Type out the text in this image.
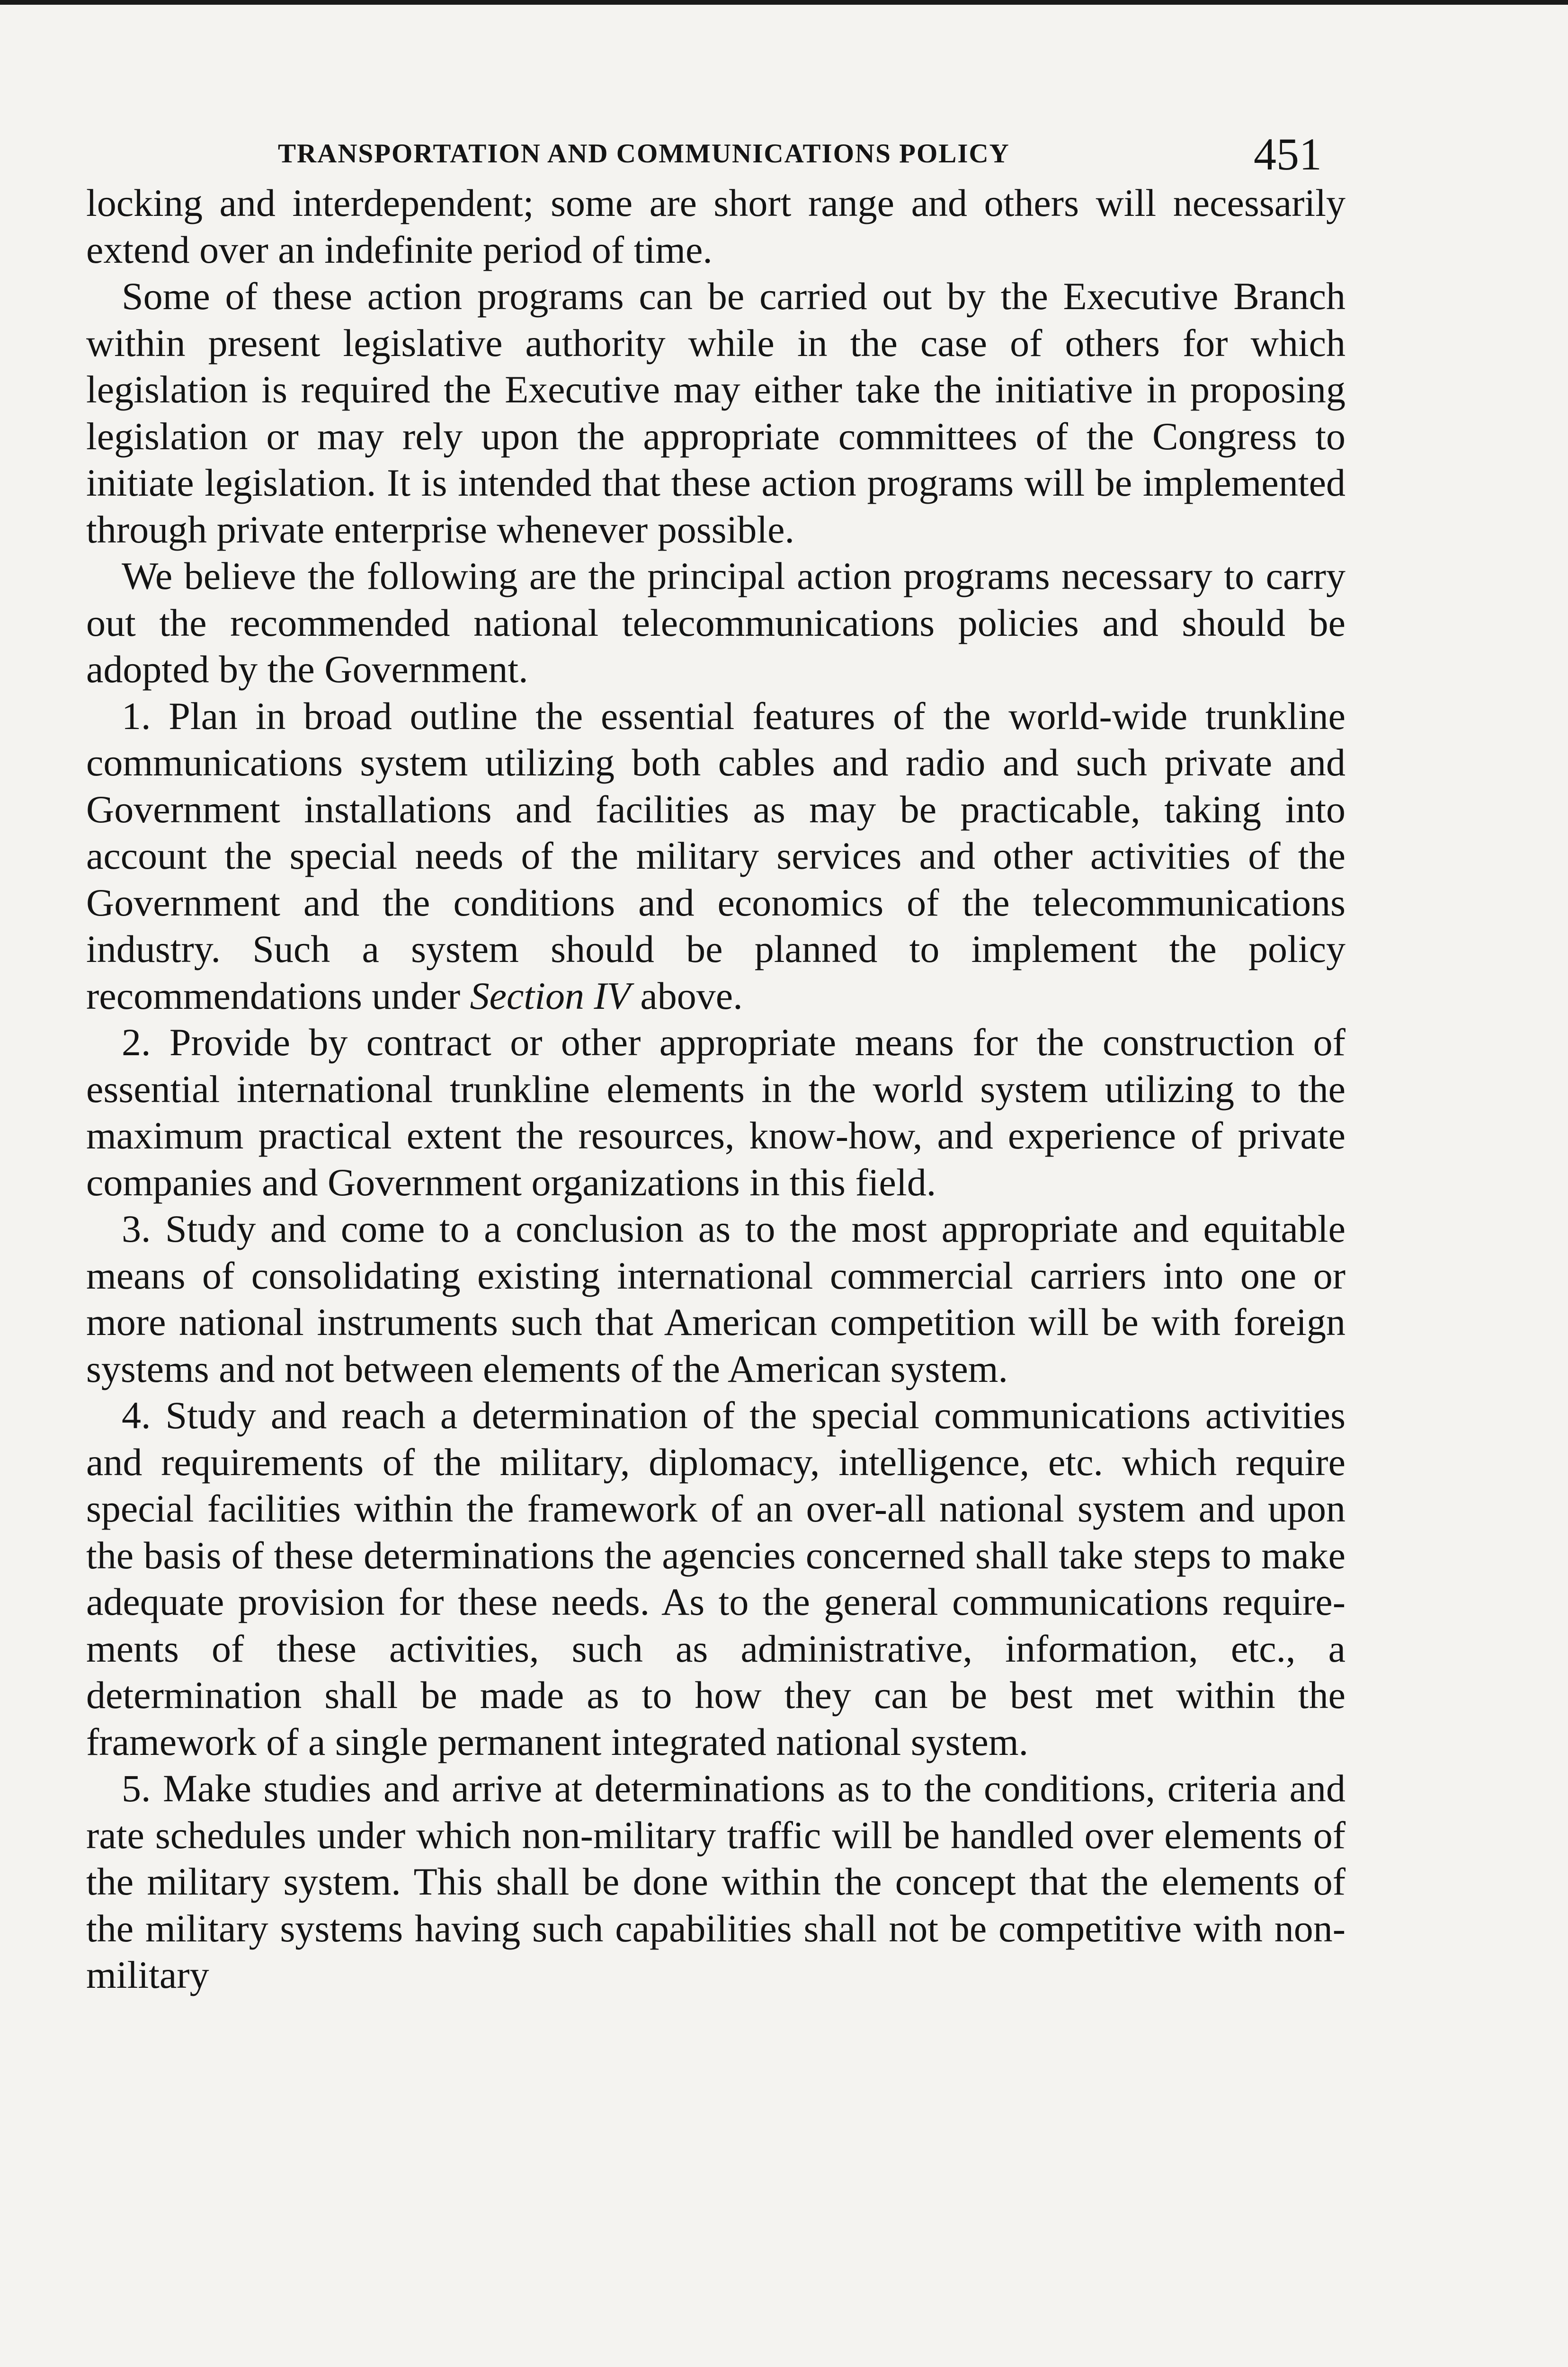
TRANSPORTATION AND COMMUNICATIONS POLICY	451

locking and interdependent; some are short range and others will necessarily extend over an indefinite period of time.

Some of these action programs can be carried out by the Executive Branch within present legislative authority while in the case of others for which legislation is required the Executive may either take the initiative in proposing legislation or may rely upon the appropriate committees of the Congress to initiate legislation. It is intended that these action programs will be implemented through private enterprise whenever possible.

We believe the following are the principal action programs necessary to carry out the recommended national telecommunications policies and should be adopted by the Government.

1. Plan in broad outline the essential features of the world-wide trunkline communications system utilizing both cables and radio and such private and Government installations and facilities as may be practicable, taking into account the special needs of the military services and other activities of the Government and the conditions and economics of the telecommunications industry. Such a system should be planned to implement the policy recommendations under Section IV above.

2. Provide by contract or other appropriate means for the construction of essential international trunkline elements in the world system utilizing to the maximum practical extent the resources, know-how, and experience of private companies and Government organizations in this field.

3. Study and come to a conclusion as to the most appropriate and equitable means of consolidating existing international commercial carriers into one or more national instruments such that American competition will be with foreign systems and not between elements of the American system.

4. Study and reach a determination of the special communications activities and requirements of the military, diplomacy, intelligence, etc. which require special facilities within the framework of an over-all national system and upon the basis of these determinations the agencies concerned shall take steps to make adequate provision for these needs. As to the general communications requirements of these activities, such as administrative, information, etc., a determination shall be made as to how they can be best met within the framework of a single permanent integrated national system.

5. Make studies and arrive at determinations as to the conditions, criteria and rate schedules under which non-military traffic will be handled over elements of the military system. This shall be done within the concept that the elements of the military systems having such capabilities shall not be competitive with non-military
